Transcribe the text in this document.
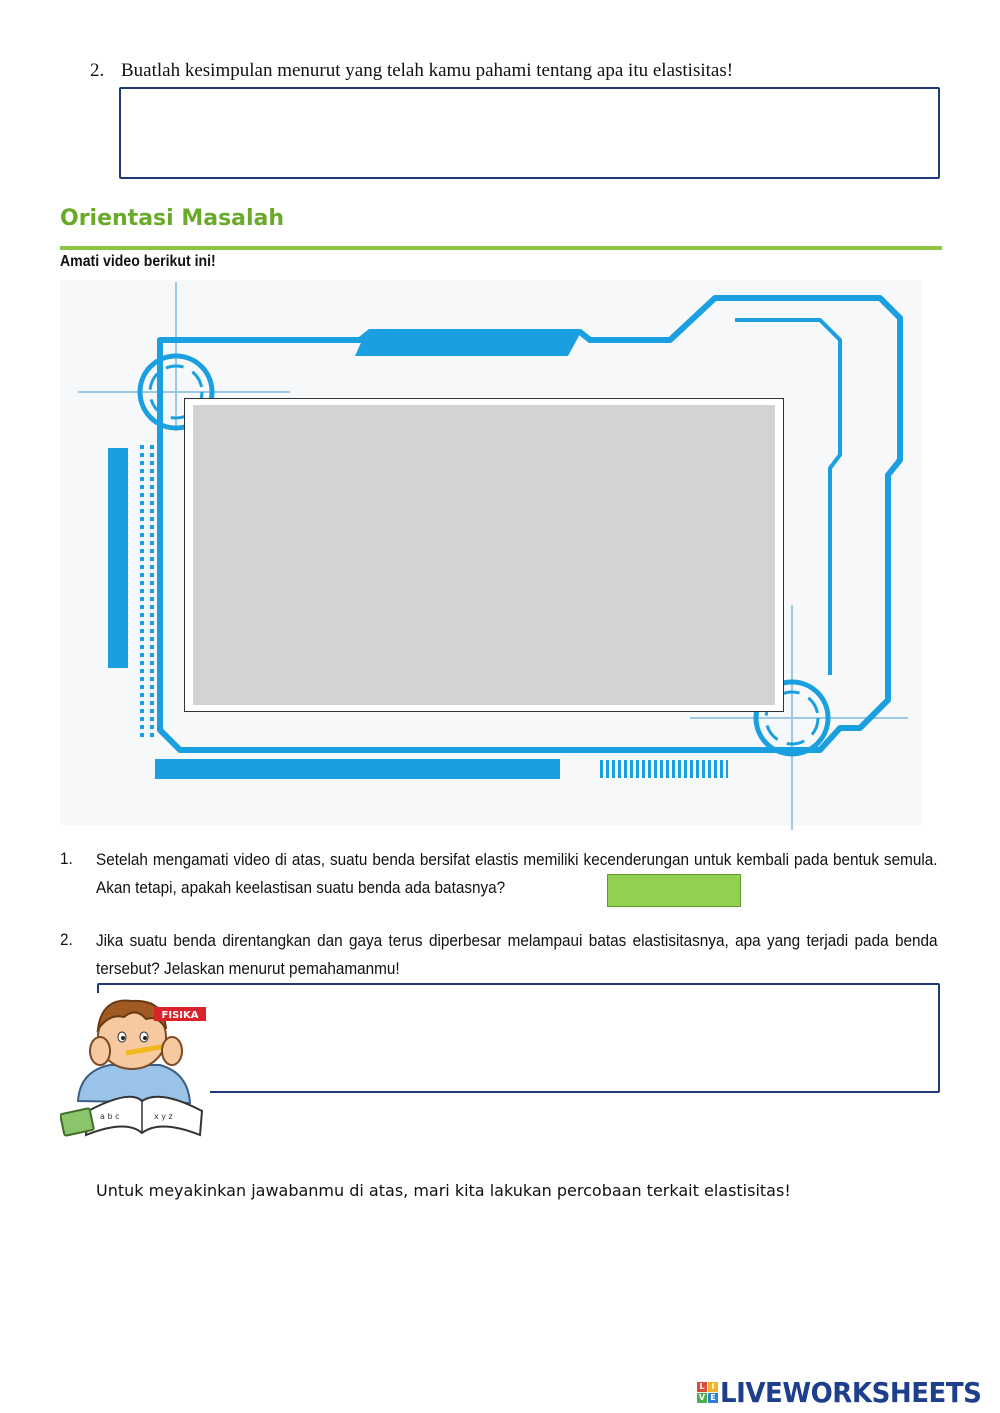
2. Buatlah kesimpulan menurut yang telah kamu pahami tentang apa itu elastisitas!
Orientasi Masalah
Amati video berikut ini!
1. Setelah mengamati video di atas, suatu benda bersifat elastis memiliki kecenderungan untuk kembali pada bentuk semula. Akan tetapi, apakah keelastisan suatu benda ada batasnya?
2. Jika suatu benda direntangkan dan gaya terus diperbesar melampaui batas elastisitasnya, apa yang terjadi pada benda tersebut? Jelaskan menurut pemahamanmu!
x y z
a b c
FISIKA
Untuk meyakinkan jawabanmu di atas, mari kita lakukan percobaan terkait elastisitas!
L I
V E LIVEWORKSHEETS
